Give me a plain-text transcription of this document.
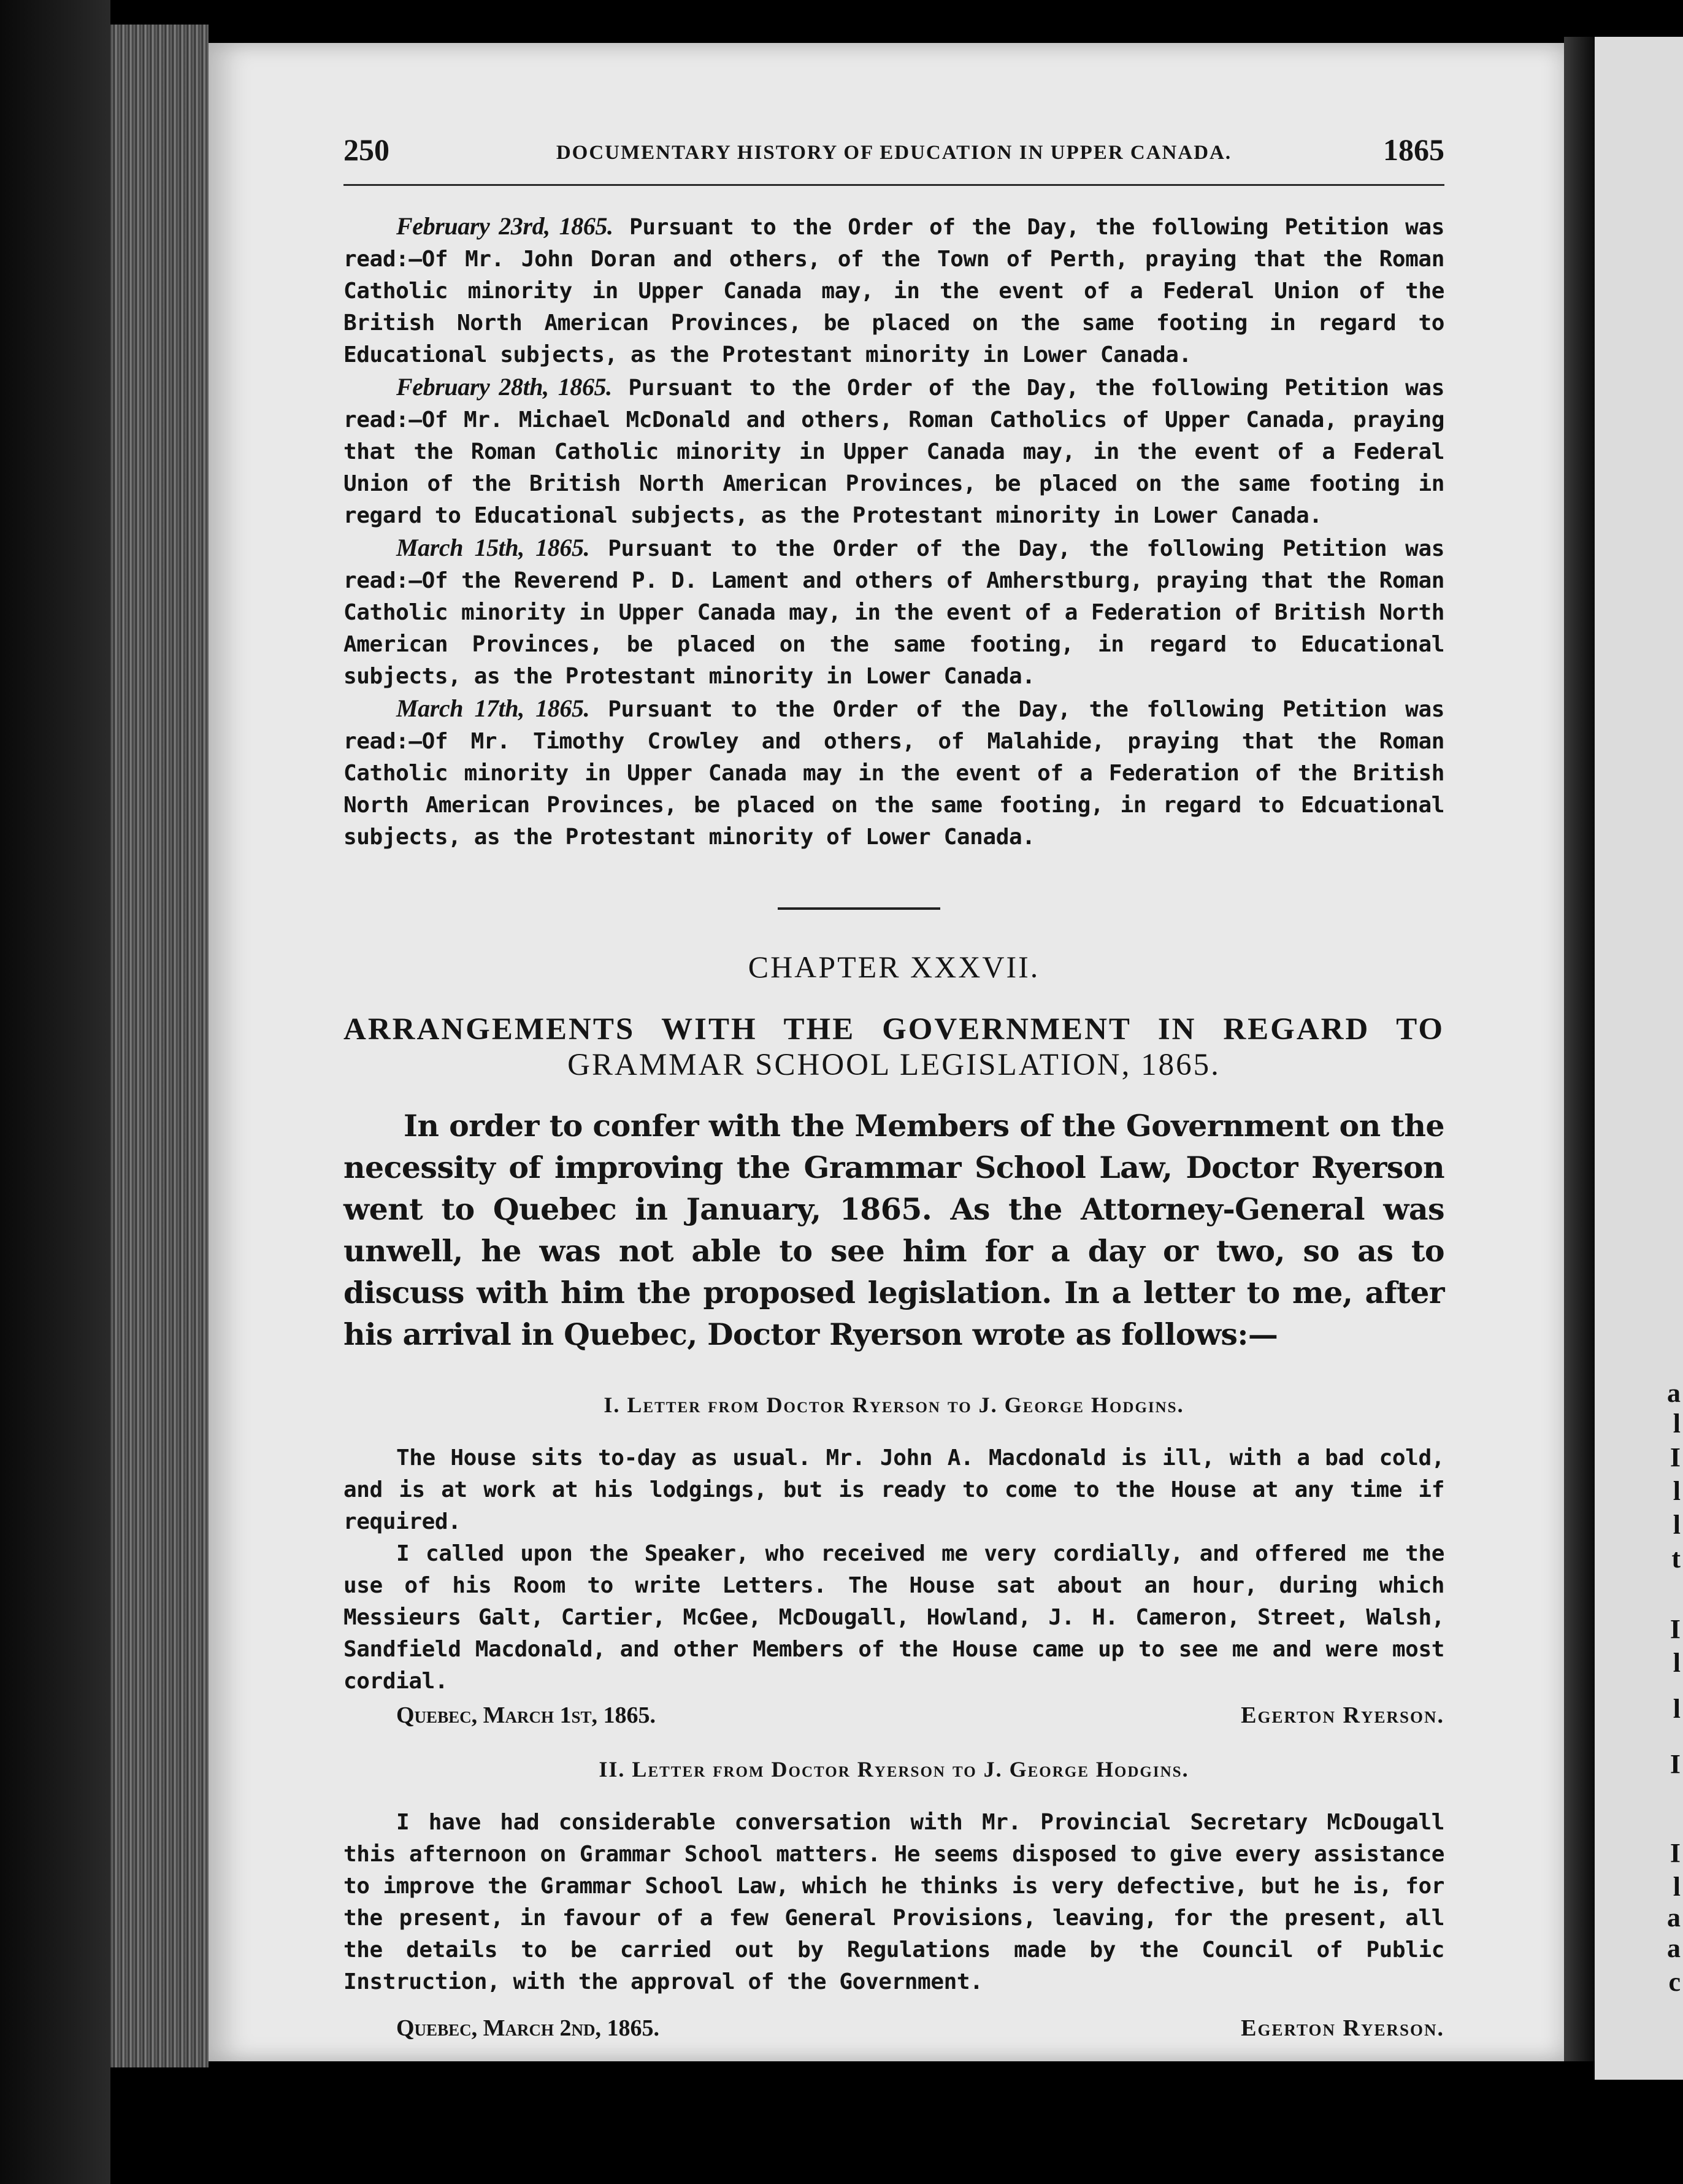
a
l
I
l
l
t
I
l
l
I
I
l
a
a
c
250	DOCUMENTARY HISTORY OF EDUCATION IN UPPER CANADA.	1865

February 23rd, 1865. Pursuant to the Order of the Day, the following Petition was read:—Of Mr. John Doran and others, of the Town of Perth, praying that the Roman Catholic minority in Upper Canada may, in the event of a Federal Union of the British North American Provinces, be placed on the same footing in regard to Educational subjects, as the Protestant minority in Lower Canada.

February 28th, 1865. Pursuant to the Order of the Day, the following Petition was read:—Of Mr. Michael McDonald and others, Roman Catholics of Upper Canada, praying that the Roman Catholic minority in Upper Canada may, in the event of a Federal Union of the British North American Provinces, be placed on the same footing in regard to Educational subjects, as the Protestant minority in Lower Canada.

March 15th, 1865. Pursuant to the Order of the Day, the following Petition was read:—Of the Reverend P. D. Lament and others of Amherstburg, praying that the Roman Catholic minority in Upper Canada may, in the event of a Federation of British North American Provinces, be placed on the same footing, in regard to Educational subjects, as the Protestant minority in Lower Canada.

March 17th, 1865. Pursuant to the Order of the Day, the following Petition was read:—Of Mr. Timothy Crowley and others, of Malahide, praying that the Roman Catholic minority in Upper Canada may in the event of a Federation of the British North American Provinces, be placed on the same footing, in regard to Edcuational subjects, as the Protestant minority of Lower Canada.

CHAPTER XXXVII.
ARRANGEMENTS WITH THE GOVERNMENT IN REGARD TO
GRAMMAR SCHOOL LEGISLATION, 1865.

In order to confer with the Members of the Government on the necessity of improving the Grammar School Law, Doctor Ryerson went to Quebec in January, 1865. As the Attorney-General was unwell, he was not able to see him for a day or two, so as to discuss with him the proposed legislation. In a letter to me, after his arrival in Quebec, Doctor Ryerson wrote as follows:—

I. Letter from Doctor Ryerson to J. George Hodgins.

The House sits to-day as usual. Mr. John A. Macdonald is ill, with a bad cold, and is at work at his lodgings, but is ready to come to the House at any time if required.

I called upon the Speaker, who received me very cordially, and offered me the use of his Room to write Letters. The House sat about an hour, during which Messieurs Galt, Cartier, McGee, McDougall, Howland, J. H. Cameron, Street, Walsh, Sandfield Macdonald, and other Members of the House came up to see me and were most cordial.

Quebec, March 1st, 1865.	Egerton Ryerson.
II. Letter from Doctor Ryerson to J. George Hodgins.

I have had considerable conversation with Mr. Provincial Secretary McDougall this afternoon on Grammar School matters. He seems disposed to give every assistance to improve the Grammar School Law, which he thinks is very defective, but he is, for the present, in favour of a few General Provisions, leaving, for the present, all the details to be carried out by Regulations made by the Council of Public Instruction, with the approval of the Government.

Quebec, March 2nd, 1865.	Egerton Ryerson.
